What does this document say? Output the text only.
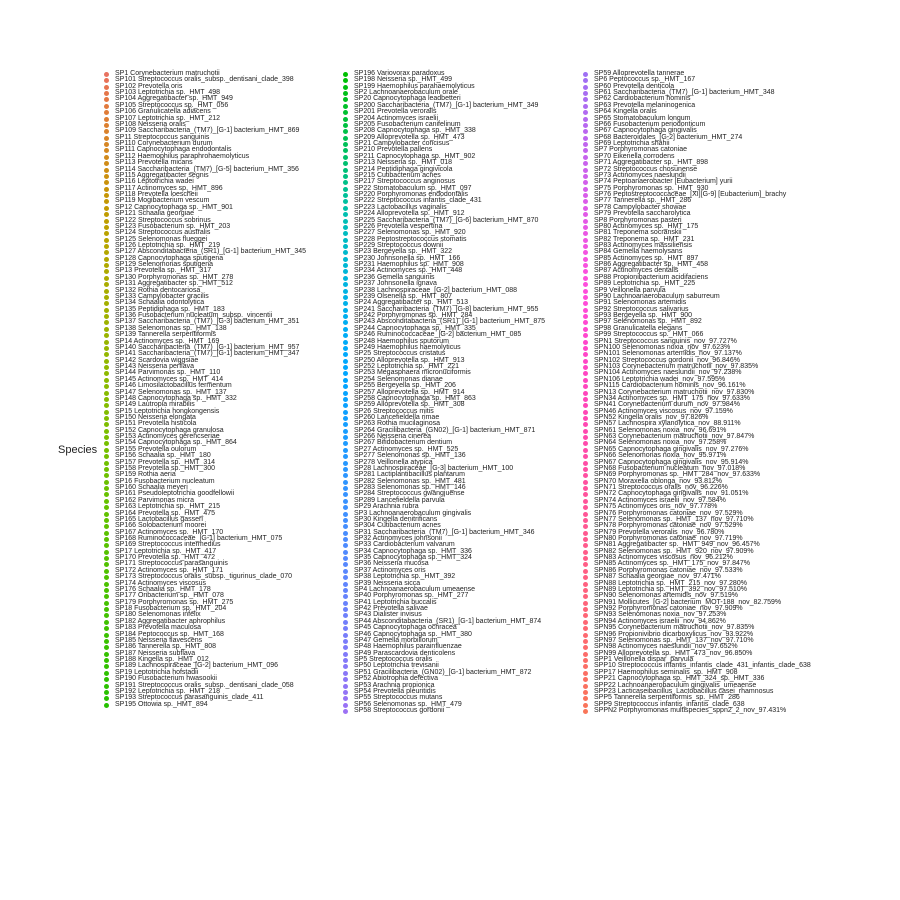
Species
SP1 Corynebacterium matruchotii
SP101 Streptococcus oralis_subsp._dentisani_clade_398
SP102 Prevotella oris
SP103 Leptotrichia sp._HMT_498
SP104 Aggregatibacter sp._HMT_949
SP105 Streptococcus sp._HMT_056
SP106 Granulicatella adiacens
SP107 Leptotrichia sp._HMT_212
SP108 Neisseria oralis
SP109 Saccharibacteria_(TM7)_[G-1] bacterium_HMT_869
SP11 Streptococcus sanguinis
SP110 Corynebacterium durum
SP111 Capnocytophaga endodontalis
SP112 Haemophilus paraphrohaemolyticus
SP113 Prevotella micans
SP114 Saccharibacteria_(TM7)_[G-5] bacterium_HMT_356
SP115 Aggregatibacter segnis
SP116 Leptotrichia wadei
SP117 Actinomyces sp._HMT_896
SP118 Prevotella loescheii
SP119 Mogibacterium vescum
SP12 Capnocytophaga sp._HMT_901
SP121 Schaalia georgiae
SP122 Streptococcus sobrinus
SP123 Fusobacterium sp._HMT_203
SP124 Streptococcus australis
SP125 Selenomonas flueggei
SP126 Leptotrichia sp._HMT_219
SP127 Absconditabacteria_(SR1)_[G-1] bacterium_HMT_345
SP128 Capnocytophaga sputigena
SP129 Selenomonas sputigena
SP13 Prevotella sp._HMT_317
SP130 Porphyromonas sp._HMT_278
SP131 Aggregatibacter sp._HMT_512
SP132 Rothia dentocariosa
SP133 Campylobacter gracilis
SP134 Schaalia odontolytica
SP135 Peptidiphaga sp._HMT_183
SP136 Fusobacterium nucleatum_subsp._vincentii
SP137 Saccharibacteria_(TM7)_[G-3] bacterium_HMT_351
SP138 Selenomonas sp._HMT_138
SP139 Tannerella serpentiformis
SP14 Actinomyces sp._HMT_169
SP140 Saccharibacteria_(TM7)_[G-1] bacterium_HMT_957
SP141 Saccharibacteria_(TM7)_[G-1] bacterium_HMT_347
SP142 Scardovia wiggsiae
SP143 Neisseria perflava
SP144 Parvimonas sp._HMT_110
SP145 Actinomyces sp._HMT_414
SP146 Limosilactobacillus fermentum
SP147 Selenomonas sp._HMT_137
SP148 Capnocytophaga sp._HMT_332
SP149 Lautropia mirabilis
SP15 Leptotrichia hongkongensis
SP150 Neisseria elongata
SP151 Prevotella histicola
SP152 Capnocytophaga granulosa
SP153 Actinomyces gerencseriae
SP154 Capnocytophaga sp._HMT_864
SP155 Prevotella oulorum
SP156 Schaalia sp._HMT_180
SP157 Prevotella sp._HMT_314
SP158 Prevotella sp._HMT_300
SP159 Rothia aeria
SP16 Fusobacterium nucleatum
SP160 Schaalia meyeri
SP161 Pseudoleptotrichia goodfellowii
SP162 Parvimonas micra
SP163 Leptotrichia sp._HMT_215
SP164 Prevotella sp._HMT_475
SP165 Lactobacillus gasseri
SP166 Solobacterium moorei
SP167 Actinomyces sp._HMT_170
SP168 Ruminococcaceae_[G-1] bacterium_HMT_075
SP169 Streptococcus intermedius
SP17 Leptotrichia sp._HMT_417
SP170 Prevotella sp._HMT_472
SP171 Streptococcus parasanguinis
SP172 Actinomyces sp._HMT_171
SP173 Streptococcus oralis_subsp._tigurinus_clade_070
SP174 Actinomyces viscosus
SP176 Schaalia sp._HMT_178
SP177 Oribacterium sp._HMT_078
SP179 Porphyromonas sp._HMT_275
SP18 Fusobacterium sp._HMT_204
SP180 Selenomonas infelix
SP182 Aggregatibacter aphrophilus
SP183 Prevotella maculosa
SP184 Peptococcus sp._HMT_168
SP185 Neisseria flavescens
SP186 Tannerella sp._HMT_808
SP187 Neisseria subflava
SP188 Kingella sp._HMT_012
SP189 Lachnospiraceae_[G-2] bacterium_HMT_096
SP19 Leptotrichia hofstadii
SP190 Fusobacterium hwasookii
SP191 Streptococcus oralis_subsp._dentisani_clade_058
SP192 Leptotrichia sp._HMT_218
SP193 Streptococcus parasanguinis_clade_411
SP195 Ottowia sp._HMT_894
SP196 Variovorax paradoxus
SP198 Neisseria sp._HMT_499
SP199 Haemophilus parahaemolyticus
SP2 Lachnoanaerobaculum orale
SP20 Capnocytophaga leadbetteri
SP200 Saccharibacteria_(TM7)_[G-1] bacterium_HMT_349
SP201 Prevotella veroralis
SP204 Actinomyces israelii
SP205 Fusobacterium canifelinum
SP208 Capnocytophaga sp._HMT_338
SP209 Alloprevotella sp._HMT_473
SP21 Campylobacter concisus
SP210 Prevotella pallens
SP211 Capnocytophaga sp._HMT_902
SP213 Neisseria sp._HMT_018
SP214 Peptidiphaga gingivicola
SP215 Cutibacterium acnes
SP217 Streptococcus anginosus
SP22 Stomatobaculum sp._HMT_097
SP220 Porphyromonas endodontalis
SP222 Streptococcus infantis_clade_431
SP223 Lactobacillus vaginalis
SP224 Alloprevotella sp._HMT_912
SP225 Saccharibacteria_(TM7)_[G-6] bacterium_HMT_870
SP226 Prevotella vespertina
SP227 Selenomonas sp._HMT_920
SP228 Peptostreptococcus stomatis
SP229 Streptococcus downii
SP23 Bergeyella sp._HMT_322
SP230 Johnsonella sp._HMT_166
SP231 Haemophilus sp._HMT_908
SP234 Actinomyces sp._HMT_448
SP236 Gemella sanguinis
SP237 Johnsonella ignava
SP238 Lachnospiraceae_[G-2] bacterium_HMT_088
SP239 Olsenella sp._HMT_807
SP24 Aggregatibacter sp._HMT_513
SP241 Saccharibacteria_(TM7)_[G-8] bacterium_HMT_955
SP242 Porphyromonas sp._HMT_284
SP243 Absconditabacteria_(SR1)_[G-1] bacterium_HMT_875
SP244 Capnocytophaga sp._HMT_335
SP246 Ruminococcaceae_[G-2] bacterium_HMT_085
SP248 Haemophilus sputorum
SP249 Haemophilus haemolyticus
SP25 Streptococcus cristatus
SP250 Alloprevotella sp._HMT_913
SP252 Leptotrichia sp._HMT_221
SP253 Megasphaera micronuciformis
SP254 Selenomonas dianae
SP255 Bergeyella sp._HMT_206
SP257 Alloprevotella sp._HMT_914
SP258 Capnocytophaga sp._HMT_863
SP259 Alloprevotella sp._HMT_308
SP26 Streptococcus mitis
SP260 Lancefieldella rimae
SP263 Rothia mucilaginosa
SP264 Gracilibacteria_(GN02)_[G-1] bacterium_HMT_871
SP266 Neisseria cinerea
SP267 Bifidobacterium dentium
SP27 Actinomyces sp._HMT_525
SP277 Selenomonas sp._HMT_136
SP278 Veillonella atypica
SP28 Lachnospiraceae_[G-3] bacterium_HMT_100
SP281 Lactiplantibacillus plantarum
SP282 Selenomonas sp._HMT_481
SP283 Selenomonas sp._HMT_146
SP284 Streptococcus gwangjuense
SP289 Lancefieldella parvula
SP29 Arachnia rubra
SP3 Lachnoanaerobaculum gingivalis
SP30 Kingella denitrificans
SP304 Cutibacterium acnes
SP31 Saccharibacteria_(TM7)_[G-1] bacterium_HMT_346
SP32 Actinomyces johnsonii
SP33 Cardiobacterium valvarum
SP34 Capnocytophaga sp._HMT_336
SP35 Capnocytophaga sp._HMT_324
SP36 Neisseria mucosa
SP37 Actinomyces oris
SP38 Leptotrichia sp._HMT_392
SP39 Neisseria sicca
SP4 Lachnoanaerobaculum umeaense
SP40 Porphyromonas sp._HMT_277
SP41 Leptotrichia buccalis
SP42 Prevotella salivae
SP43 Dialister invisus
SP44 Absconditabacteria_(SR1)_[G-1] bacterium_HMT_874
SP45 Capnocytophaga ochracea
SP46 Capnocytophaga sp._HMT_380
SP47 Gemella morbillorum
SP48 Haemophilus parainfluenzae
SP49 Parascardovia denticolens
SP5 Streptococcus oralis
SP50 Leptotrichia trevisanii
SP51 Gracilibacteria_(GN02)_[G-1] bacterium_HMT_872
SP52 Abiotrophia defectiva
SP53 Arachnia propionica
SP54 Prevotella pleuritidis
SP55 Streptococcus mutans
SP56 Selenomonas sp._HMT_479
SP58 Streptococcus gordonii
SP59 Alloprevotella tannerae
SP6 Peptococcus sp._HMT_167
SP60 Prevotella denticola
SP61 Saccharibacteria_(TM7)_[G-1] bacterium_HMT_348
SP62 Cardiobacterium hominis
SP63 Prevotella melaninogenica
SP64 Kingella oralis
SP65 Stomatobaculum longum
SP66 Fusobacterium periodonticum
SP67 Capnocytophaga gingivalis
SP68 Bacteroidales_[G-2] bacterium_HMT_274
SP69 Leptotrichia shahii
SP7 Porphyromonas catoniae
SP70 Eikenella corrodens
SP71 Aggregatibacter sp._HMT_898
SP72 Streptococcus chosunense
SP73 Actinomyces naeslundii
SP74 Peptoanaerobacter [Eubacterium] yurii
SP75 Porphyromonas sp._HMT_930
SP76 Peptostreptococcaceae_[XI][G-9] [Eubacterium]_brachy
SP77 Tannerella sp._HMT_286
SP78 Campylobacter showae
SP79 Prevotella saccharolytica
SP8 Porphyromonas pasteri
SP80 Actinomyces sp._HMT_175
SP81 Treponema socranskii
SP82 Treponema sp._HMT_231
SP83 Actinomyces massiliensis
SP84 Gemella haemolysans
SP85 Actinomyces sp._HMT_897
SP86 Aggregatibacter sp._HMT_458
SP87 Actinomyces dentalis
SP88 Propionibacterium acidifaciens
SP89 Leptotrichia sp._HMT_225
SP9 Veillonella parvula
SP90 Lachnoanaerobaculum saburreum
SP91 Selenomonas artemidis
SP92 Streptococcus salivarius
SP93 Bergeyella sp._HMT_900
SP97 Selenomonas sp._HMT_892
SP98 Granulicatella elegans
SP99 Streptococcus sp._HMT_066
SPN1 Streptococcus sanguinis_nov_97.727%
SPN100 Selenomonas noxia_nov_97.623%
SPN101 Selenomonas artemidis_nov_97.137%
SPN102 Streptococcus gordonii_nov_96.846%
SPN103 Corynebacterium matruchotii_nov_97.835%
SPN104 Actinomyces naeslundii_nov_97.238%
SPN106 Leptotrichia wadei_nov_97.595%
SPN115 Cardiobacterium hominis_nov_96.161%
SPN13 Corynebacterium matruchotii_nov_97.830%
SPN34 Actinomyces sp._HMT_175_nov_97.633%
SPN41 Corynebacterium durum_nov_97.984%
SPN46 Actinomyces viscosus_nov_97.159%
SPN52 Kingella oralis_nov_97.826%
SPN57 Lachnospira xylanolytica_nov_88.911%
SPN61 Selenomonas noxia_nov_96.691%
SPN63 Corynebacterium matruchotii_nov_97.847%
SPN64 Selenomonas noxia_nov_97.258%
SPN65 Capnocytophaga gingivalis_nov_97.276%
SPN66 Selenomonas noxia_nov_95.971%
SPN67 Capnocytophaga gingivalis_nov_95.914%
SPN68 Fusobacterium nucleatum_nov_97.018%
SPN69 Porphyromonas sp._HMT_284_nov_97.633%
SPN70 Moraxella oblonga_nov_93.812%
SPN71 Streptococcus oralis_nov_96.226%
SPN72 Capnocytophaga gingivalis_nov_91.051%
SPN74 Actinomyces israelii_nov_97.584%
SPN75 Actinomyces oris_nov_97.778%
SPN76 Porphyromonas catoniae_nov_97.529%
SPN77 Selenomonas sp._HMT_137_nov_97.710%
SPN78 Porphyromonas catoniae_nov_97.529%
SPN79 Prevotella veroralis_nov_96.780%
SPN80 Porphyromonas catoniae_nov_97.719%
SPN81 Aggregatibacter sp._HMT_949_nov_96.457%
SPN82 Selenomonas sp._HMT_920_nov_97.909%
SPN83 Actinomyces viscosus_nov_96.212%
SPN85 Actinomyces sp._HMT_175_nov_97.847%
SPN86 Porphyromonas catoniae_nov_97.533%
SPN87 Schaalia georgiae_nov_97.471%
SPN88 Leptotrichia sp._HMT_215_nov_97.280%
SPN89 Leptotrichia sp._HMT_392_nov_97.510%
SPN90 Selenomonas artemidis_nov_97.519%
SPN91 Mollicutes_[G-2] bacterium_MOT-188_nov_82.759%
SPN92 Porphyromonas catoniae_nov_97.909%
SPN93 Selenomonas noxia_nov_97.253%
SPN94 Actinomyces israelii_nov_94.862%
SPN95 Corynebacterium matruchotii_nov_97.835%
SPN96 Propionivibrio dicarboxylicus_nov_93.922%
SPN97 Selenomonas sp._HMT_137_nov_97.710%
SPN98 Actinomyces naeslundii_nov_97.652%
SPN99 Alloprevotella sp._HMT_473_nov_96.850%
SPP1 Veillonella dispar_parvula
SPP10 Streptococcus infantis_infantis_clade_431_infantis_clade_638
SPP17 Haemophilus seminalis_sp._HMT_908
SPP21 Capnocytophaga sp._HMT_324_sp._HMT_336
SPP22 Lachnoanaerobaculum gingivalis_umeaense
SPP23 Lacticaseibacillus_Lactobacillus casei_rhamnosus
SPP5 Tannerella serpentiformis_sp._HMT_286
SPP9 Streptococcus infantis_infantis_clade_638
SPPN2 Porphyromonas multispecies_sppn2_2_nov_97.431%
